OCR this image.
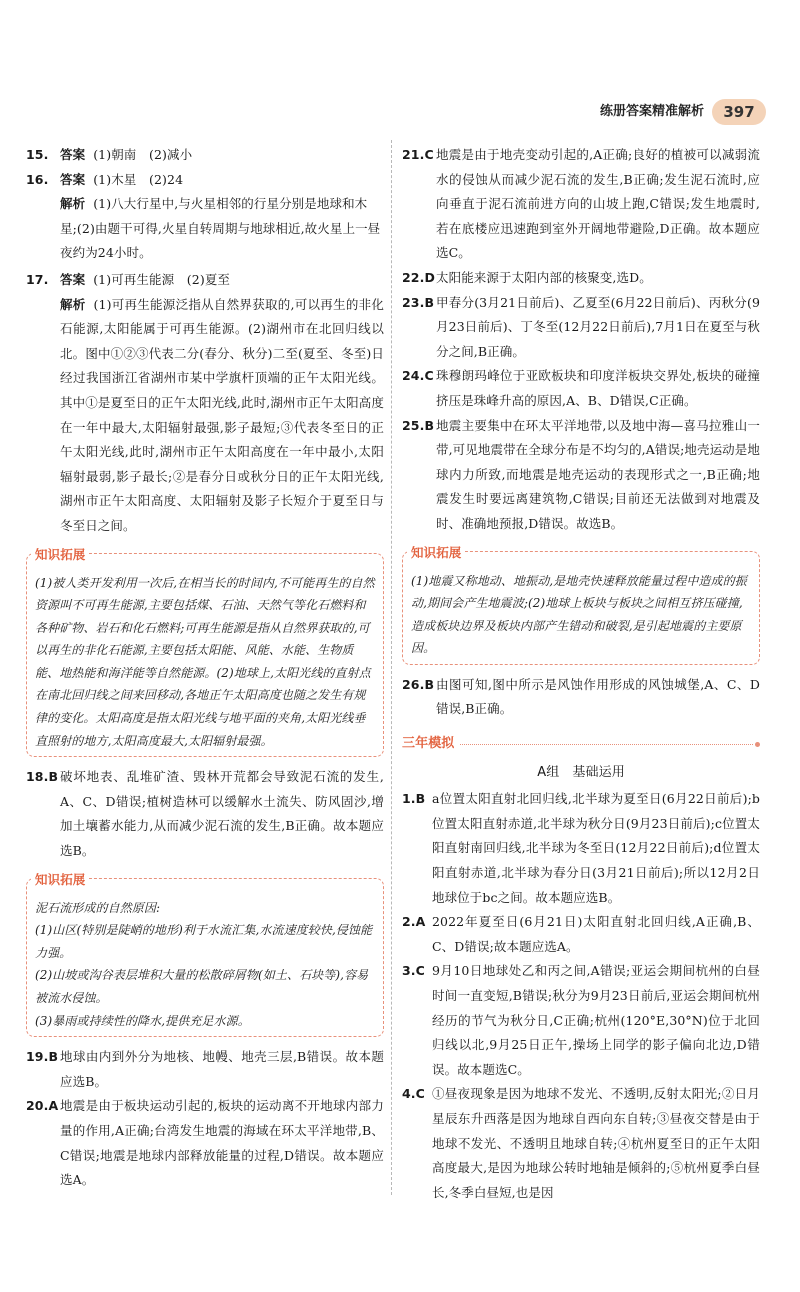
练册答案精准解析	397
15. 答案 (1)朝南　(2)减小
16. 答案 (1)木星　(2)24
解析 (1)八大行星中,与火星相邻的行星分别是地球和木星;(2)由题干可得,火星自转周期与地球相近,故火星上一昼夜约为24小时。
17. 答案 (1)可再生能源　(2)夏至
解析 (1)可再生能源泛指从自然界获取的,可以再生的非化石能源,太阳能属于可再生能源。(2)湖州市在北回归线以北。图中①②③代表二分(春分、秋分)二至(夏至、冬至)日经过我国浙江省湖州市某中学旗杆顶端的正午太阳光线。其中①是夏至日的正午太阳光线,此时,湖州市正午太阳高度在一年中最大,太阳辐射最强,影子最短;③代表冬至日的正午太阳光线,此时,湖州市正午太阳高度在一年中最小,太阳辐射最弱,影子最长;②是春分日或秋分日的正午太阳光线,湖州市正午太阳高度、太阳辐射及影子长短介于夏至日与冬至日之间。
知识拓展
(1)被人类开发利用一次后,在相当长的时间内,不可能再生的自然资源叫不可再生能源,主要包括煤、石油、天然气等化石燃料和各种矿物、岩石和化石燃料;可再生能源是指从自然界获取的,可以再生的非化石能源,主要包括太阳能、风能、水能、生物质能、地热能和海洋能等自然能源。(2)地球上,太阳光线的直射点在南北回归线之间来回移动,各地正午太阳高度也随之发生有规律的变化。太阳高度是指太阳光线与地平面的夹角,太阳光线垂直照射的地方,太阳高度最大,太阳辐射最强。
18.B 破坏地表、乱堆矿渣、毁林开荒都会导致泥石流的发生,A、C、D错误;植树造林可以缓解水土流失、防风固沙,增加土壤蓄水能力,从而减少泥石流的发生,B正确。故本题应选B。
知识拓展
泥石流形成的自然原因:
(1)山区(特别是陡峭的地形)利于水流汇集,水流速度较快,侵蚀能力强。
(2)山坡或沟谷表层堆积大量的松散碎屑物(如土、石块等),容易被流水侵蚀。
(3)暴雨或持续性的降水,提供充足水源。
19.B 地球由内到外分为地核、地幔、地壳三层,B错误。故本题应选B。
20.A 地震是由于板块运动引起的,板块的运动离不开地球内部力量的作用,A正确;台湾发生地震的海域在环太平洋地带,B、C错误;地震是地球内部释放能量的过程,D错误。故本题应选A。
21.C 地震是由于地壳变动引起的,A正确;良好的植被可以减弱流水的侵蚀从而减少泥石流的发生,B正确;发生泥石流时,应向垂直于泥石流前进方向的山坡上跑,C错误;发生地震时,若在底楼应迅速跑到室外开阔地带避险,D正确。故本题应选C。
22.D 太阳能来源于太阳内部的核聚变,选D。
23.B 甲春分(3月21日前后)、乙夏至(6月22日前后)、丙秋分(9月23日前后)、丁冬至(12月22日前后),7月1日在夏至与秋分之间,B正确。
24.C 珠穆朗玛峰位于亚欧板块和印度洋板块交界处,板块的碰撞挤压是珠峰升高的原因,A、B、D错误,C正确。
25.B 地震主要集中在环太平洋地带,以及地中海—喜马拉雅山一带,可见地震带在全球分布是不均匀的,A错误;地壳运动是地球内力所致,而地震是地壳运动的表现形式之一,B正确;地震发生时要远离建筑物,C错误;目前还无法做到对地震及时、准确地预报,D错误。故选B。
知识拓展
(1)地震又称地动、地振动,是地壳快速释放能量过程中造成的振动,期间会产生地震波;(2)地球上板块与板块之间相互挤压碰撞,造成板块边界及板块内部产生错动和破裂,是引起地震的主要原因。
26.B 由图可知,图中所示是风蚀作用形成的风蚀城堡,A、C、D错误,B正确。
三年模拟
A组　基础运用
1.B a位置太阳直射北回归线,北半球为夏至日(6月22日前后);b位置太阳直射赤道,北半球为秋分日(9月23日前后);c位置太阳直射南回归线,北半球为冬至日(12月22日前后);d位置太阳直射赤道,北半球为春分日(3月21日前后);所以12月2日地球位于bc之间。故本题应选B。
2.A 2022年夏至日(6月21日)太阳直射北回归线,A正确,B、C、D错误;故本题应选A。
3.C 9月10日地球处乙和丙之间,A错误;亚运会期间杭州的白昼时间一直变短,B错误;秋分为9月23日前后,亚运会期间杭州经历的节气为秋分日,C正确;杭州(120°E,30°N)位于北回归线以北,9月25日正午,操场上同学的影子偏向北边,D错误。故本题选C。
4.C ①昼夜现象是因为地球不发光、不透明,反射太阳光;②日月星辰东升西落是因为地球自西向东自转;③昼夜交替是由于地球不发光、不透明且地球自转;④杭州夏至日的正午太阳高度最大,是因为地球公转时地轴是倾斜的;⑤杭州夏季白昼长,冬季白昼短,也是因
